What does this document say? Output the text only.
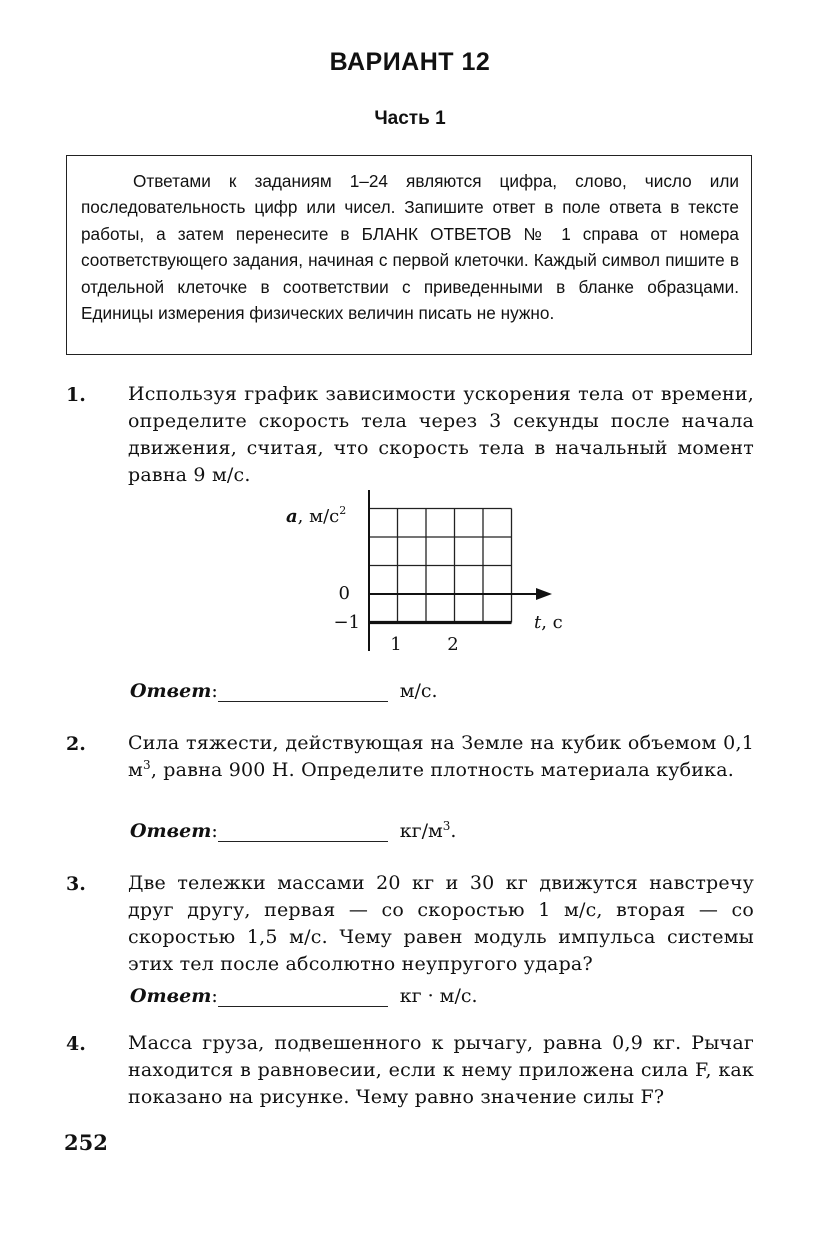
ВАРИАНТ 12
Часть 1
Ответами к заданиям 1–24 являются цифра, слово, число или последовательность цифр или чисел. Запишите ответ в поле ответа в тексте работы, а затем перенесите в БЛАНК ОТВЕТОВ № 1 справа от номера соответствующего задания, начиная с первой клеточки. Каждый символ пишите в отдельной клеточке в соответствии с приведенными в бланке образцами. Единицы измерения физических величин писать не нужно.
1. Используя график зависимости ускорения тела от времени, определите скорость тела через 3 секунды после начала движения, считая, что скорость тела в начальный момент равна 9 м/с.
a, $м/с^2$
t, с
0
−1
1	2
Ответ:	м/с.
2. Сила тяжести, действующая на Земле на кубик объемом 0,1 $м^3$, равна 900 Н. Определите плотность материала кубика.
Ответ:	$кг/м^3$.
3. Две тележки массами 20 кг и 30 кг движутся навстречу друг другу, первая — со скоростью 1 м/с, вторая — со скоростью 1,5 м/с. Чему равен модуль импульса системы этих тел после абсолютно неупругого удара?
Ответ:	кг · м/с.
4. Масса груза, подвешенного к рычагу, равна 0,9 кг. Рычаг находится в равновесии, если к нему приложена сила F, как показано на рисунке. Чему равно значение силы F?
252
